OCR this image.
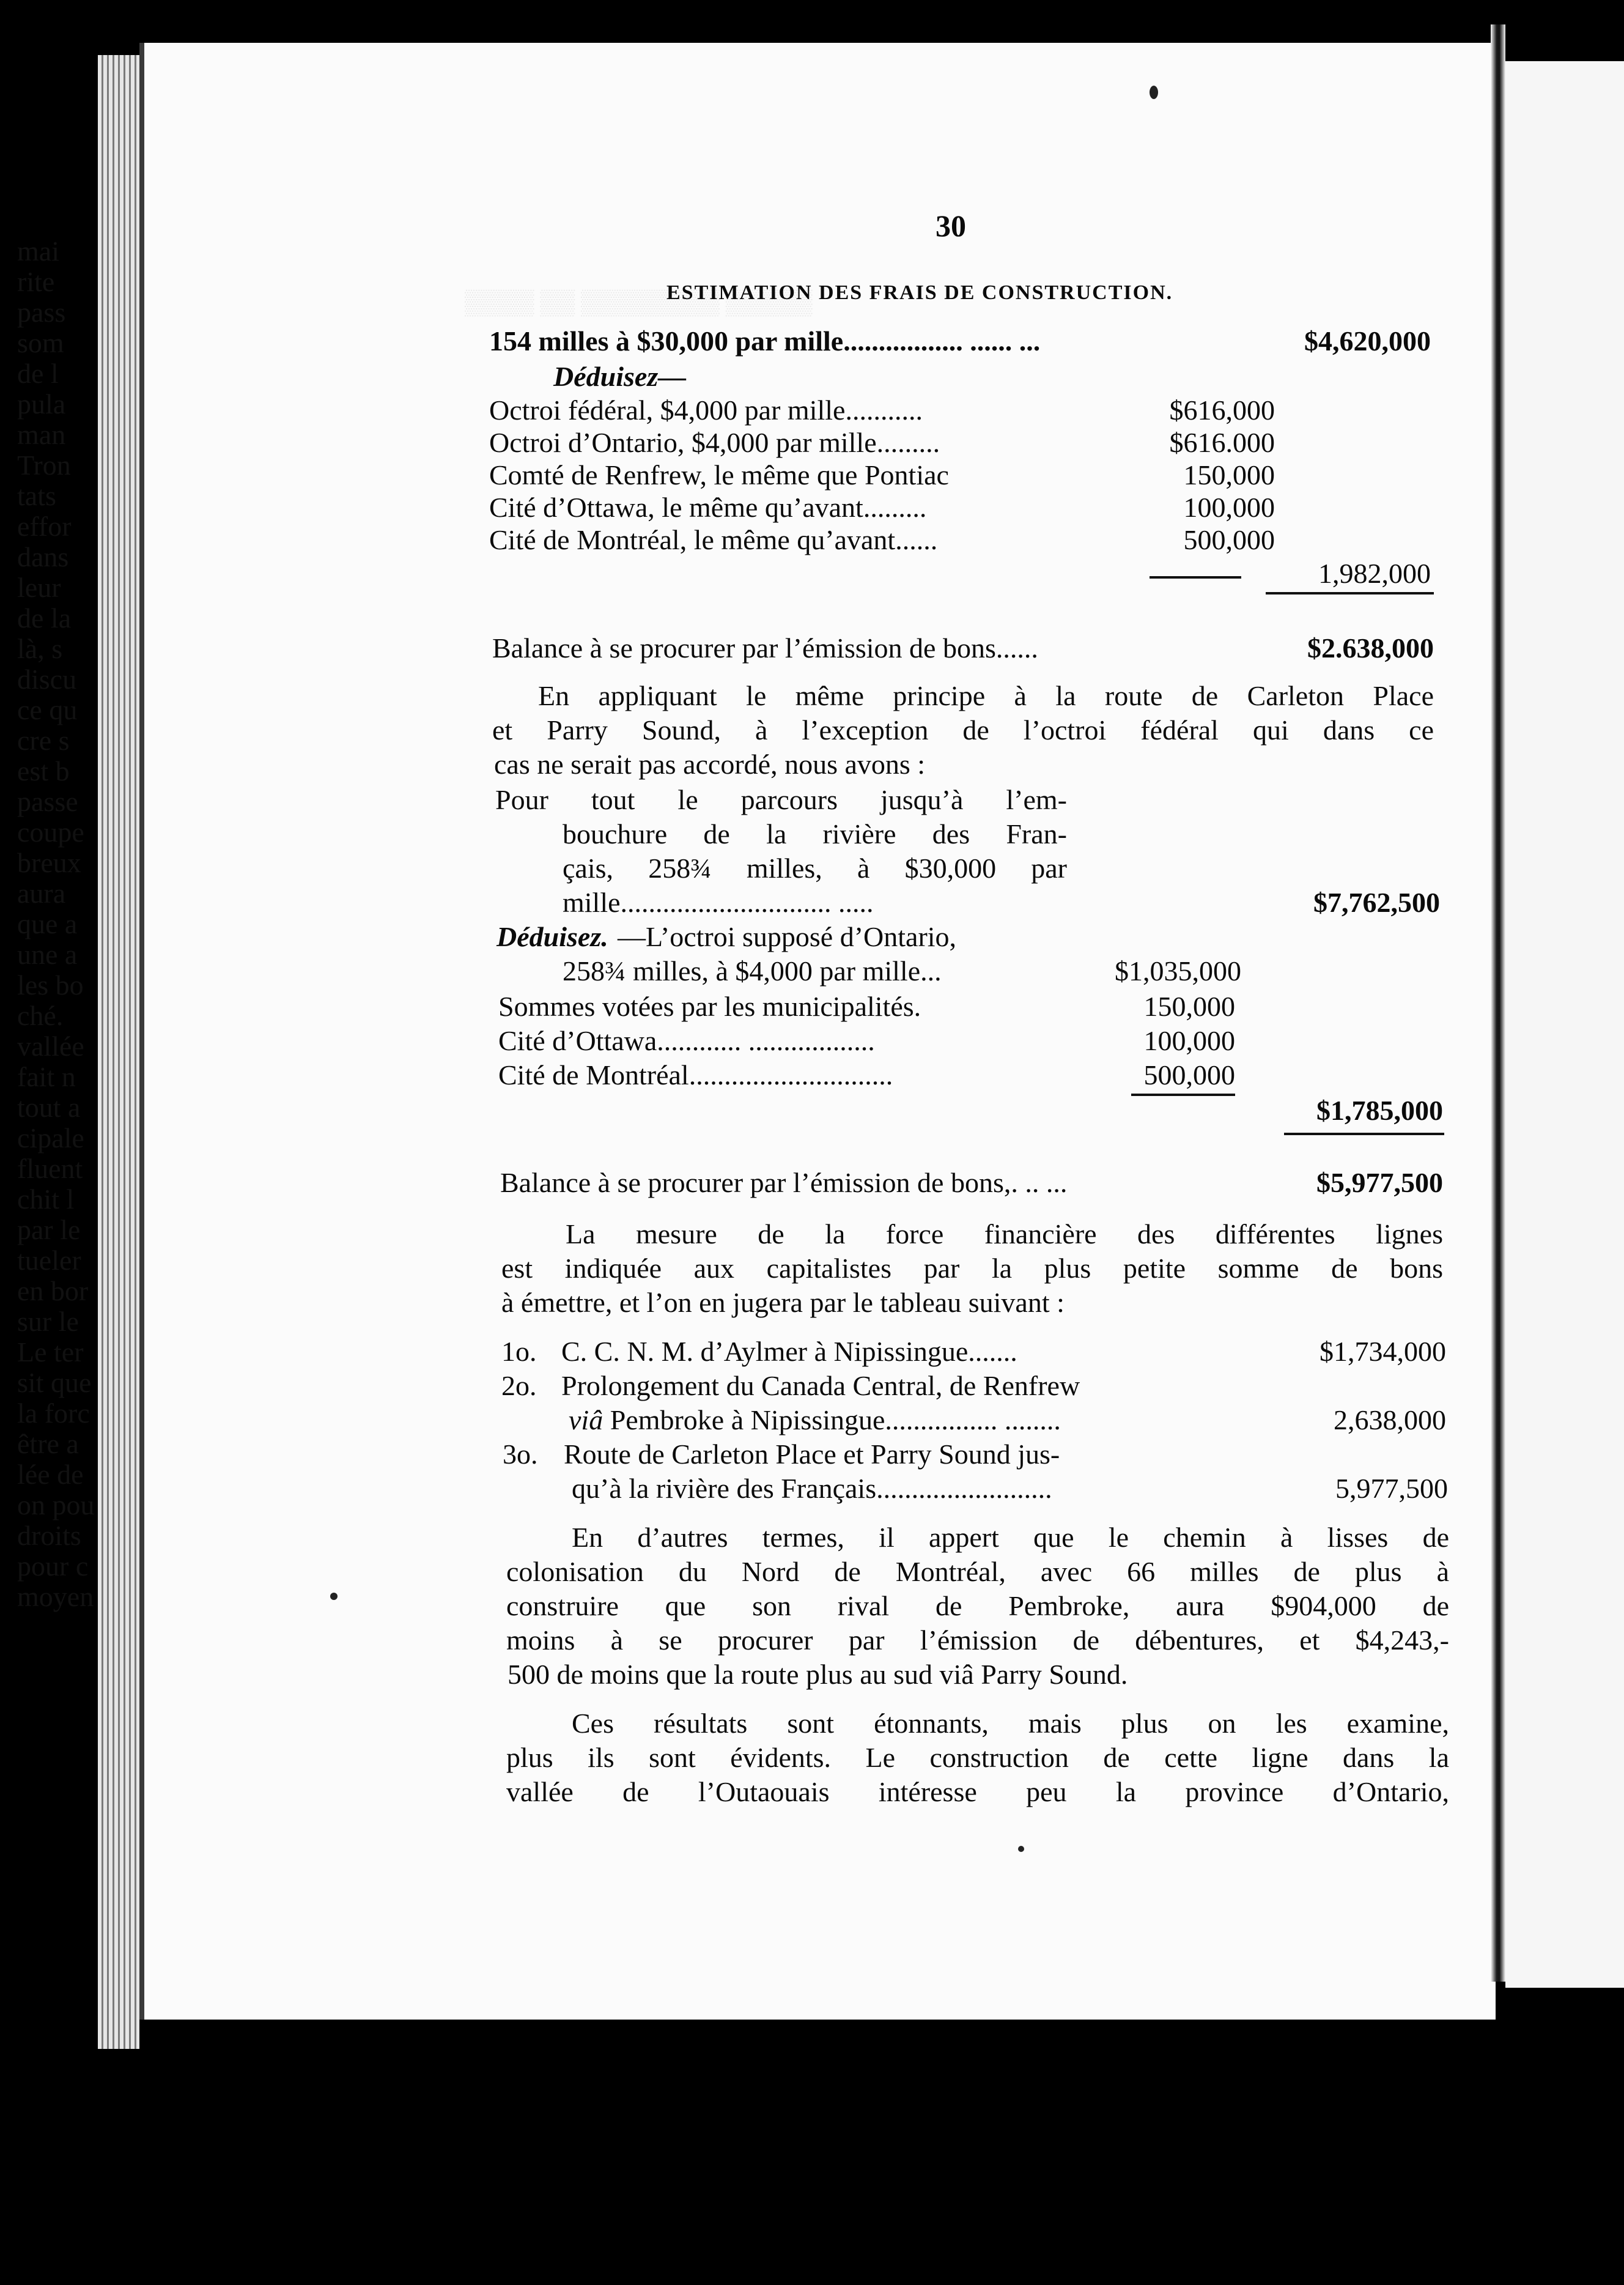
▒▒▒▒ ▒▒ ▒▒▒▒▒▒▒▒ ▒▒▒▒▒
30
ESTIMATION DES FRAIS DE CONSTRUCTION.
154 milles à $30,000 par mille................. ...... ...	$4,620,000
Déduisez—
Octroi fédéral, $4,000 par mille...........	$616,000
Octroi d’Ontario, $4,000 par mille.........	$616.000
Comté de Renfrew, le même que Pontiac	150,000
Cité d’Ottawa, le même qu’avant.........	100,000
Cité de Montréal, le même qu’avant......	500,000
1,982,000
Balance à se procurer par l’émission de bons......	$2.638,000
En appliquant le même principe à la route de Carleton Place
et Parry Sound, à l’exception de l’octroi fédéral qui dans ce
cas ne serait pas accordé, nous avons :
Pour tout le parcours jusqu’à l’em-
bouchure de la rivière des Fran-
çais, 258¾ milles, à $30,000 par
mille.............................. .....	$7,762,500
Déduisez. —L’octroi supposé d’Ontario,
258¾ milles, à $4,000 par mille...	$1,035,000
Sommes votées par les municipalités.	150,000
Cité d’Ottawa............ ..................	100,000
Cité de Montréal.............................	500,000
$1,785,000
Balance à se procurer par l’émission de bons,. .. ...	$5,977,500
La mesure de la force financière des différentes lignes
est indiquée aux capitalistes par la plus petite somme de bons
à émettre, et l’on en jugera par le tableau suivant :
1o. C. C. N. M. d’Aylmer à Nipissingue.......	$1,734,000
2o. Prolongement du Canada Central, de Renfrew
viâ Pembroke à Nipissingue................ ........	2,638,000
3o. Route de Carleton Place et Parry Sound jus-
qu’à la rivière des Français.........................	5,977,500
En d’autres termes, il appert que le chemin à lisses de
colonisation du Nord de Montréal, avec 66 milles de plus à
construire que son rival de Pembroke, aura $904,000 de
moins à se procurer par l’émission de débentures, et $4,243,-
500 de moins que la route plus au sud viâ Parry Sound.
Ces résultats sont étonnants, mais plus on les examine,
plus ils sont évidents. Le construction de cette ligne dans la
vallée de l’Outaouais intéresse peu la province d’Ontario,
mai
rite
pass
som
de l
pula
man
Tron
tats
effor
dans
leur
de la
là, s
discu
ce qu
cre s
est b
passe
coupe
breux
aura
que a
une a
les bo
ché.
vallée
fait n
tout a
cipale
fluent
chit l
par le
tueler
en bor
sur le
Le ter
sit que
la forc
être a
lée de
on pou
droits
pour c
moyen
